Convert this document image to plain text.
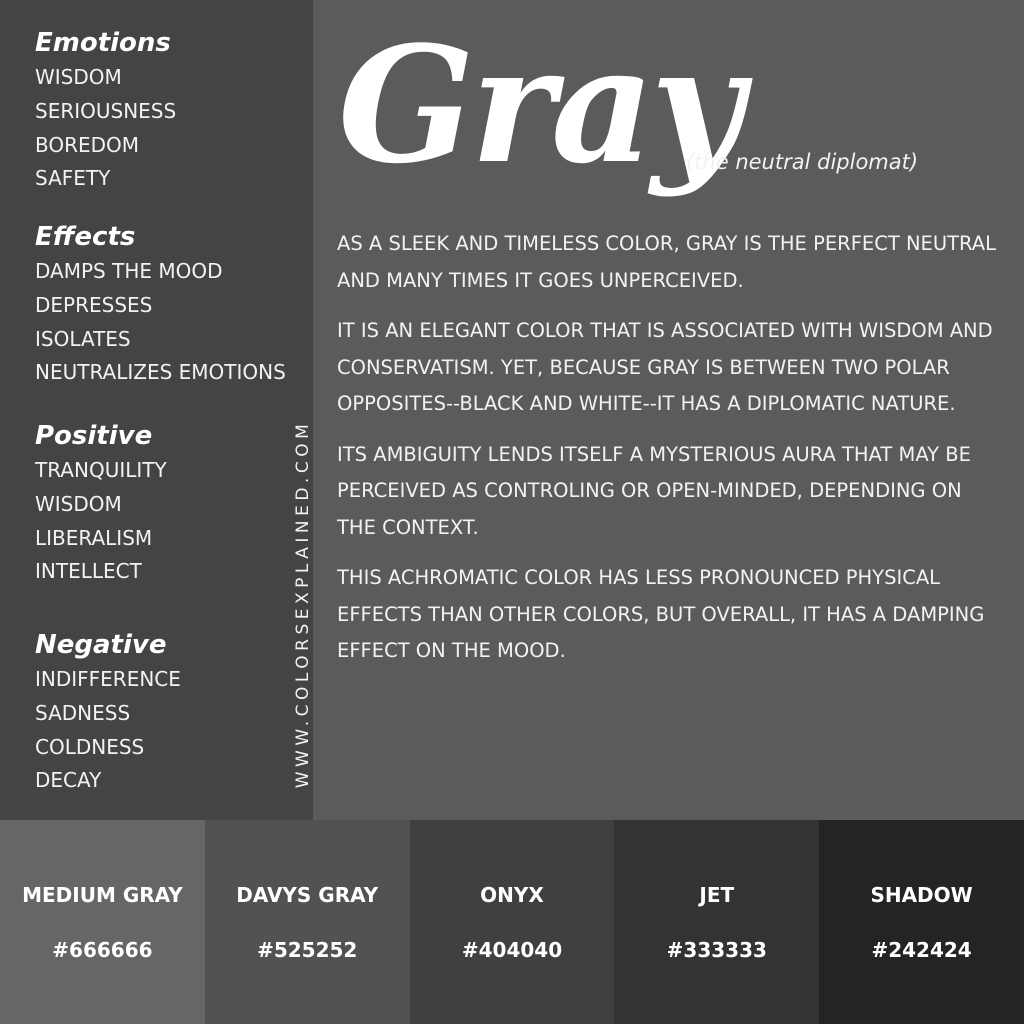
Emotions
WISDOM
SERIOUSNESS
BOREDOM
SAFETY
Effects
DAMPS THE MOOD
DEPRESSES
ISOLATES
NEUTRALIZES EMOTIONS
Positive
TRANQUILITY
WISDOM
LIBERALISM
INTELLECT
Negative
INDIFFERENCE
SADNESS
COLDNESS
DECAY	WWW.COLORSEXPLAINED.COM
Gray

(the neutral diplomat)

AS A SLEEK AND TIMELESS COLOR, GRAY IS THE PERFECT NEUTRAL AND MANY TIMES IT GOES UNPERCEIVED.

IT IS AN ELEGANT COLOR THAT IS ASSOCIATED WITH WISDOM AND CONSERVATISM. YET, BECAUSE GRAY IS BETWEEN TWO POLAR OPPOSITES--BLACK AND WHITE--IT HAS A DIPLOMATIC NATURE.

ITS AMBIGUITY LENDS ITSELF A MYSTERIOUS AURA THAT MAY BE PERCEIVED AS CONTROLING OR OPEN-MINDED, DEPENDING ON THE CONTEXT.

THIS ACHROMATIC COLOR HAS LESS PRONOUNCED PHYSICAL EFFECTS THAN OTHER COLORS, BUT OVERALL, IT HAS A DAMPING EFFECT ON THE MOOD.

MEDIUM GRAY
#666666
DAVYS GRAY
#525252
ONYX
#404040
JET
#333333
SHADOW
#242424
